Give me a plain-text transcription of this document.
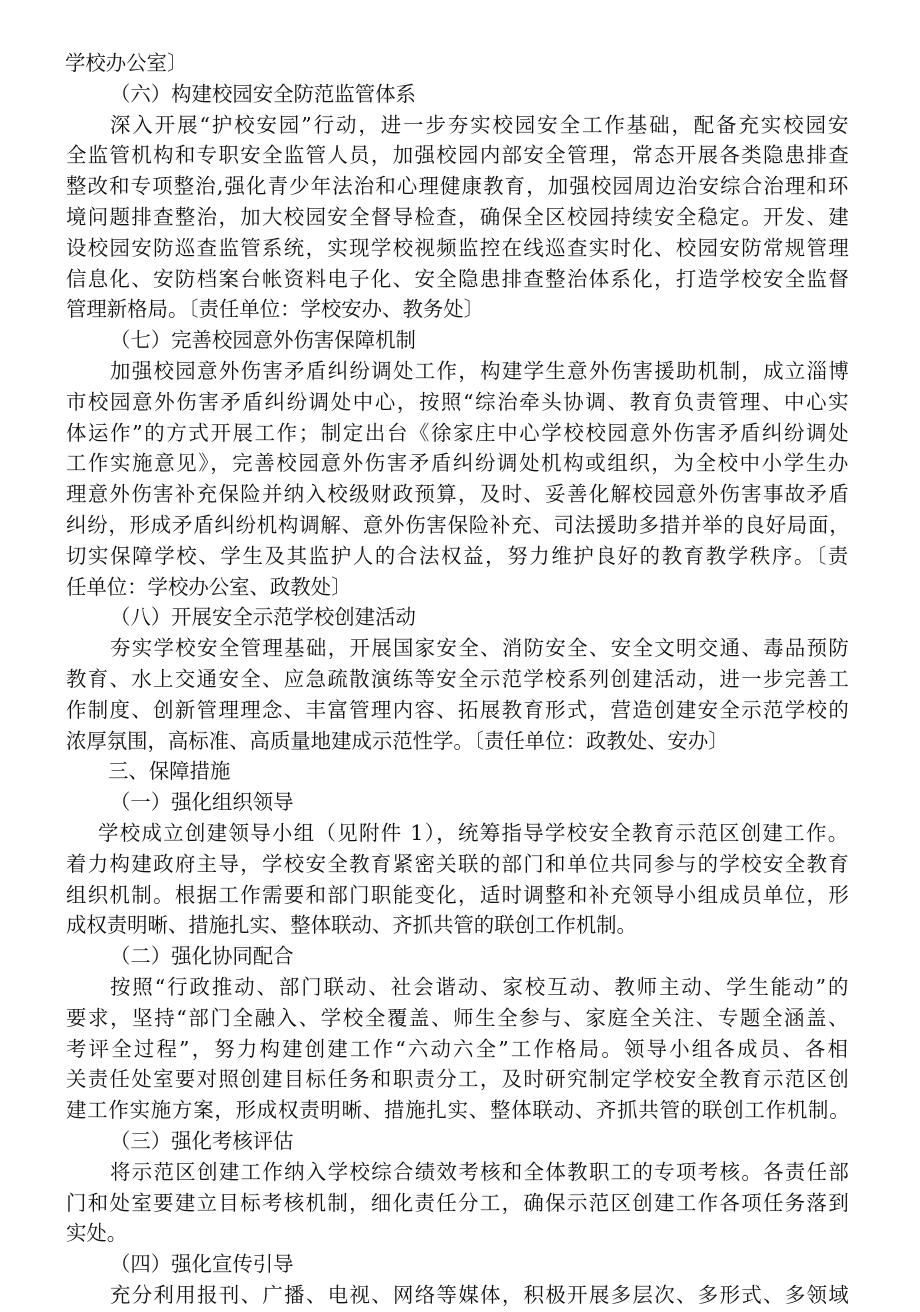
学校办公室〕
（六）构建校园安全防范监管体系
深入开展“护校安园”行动，进一步夯实校园安全工作基础，配备充实校园安
全监管机构和专职安全监管人员，加强校园内部安全管理，常态开展各类隐患排查
整改和专项整治,强化青少年法治和心理健康教育，加强校园周边治安综合治理和环
境问题排查整治，加大校园安全督导检查，确保全区校园持续安全稳定。开发、建
设校园安防巡查监管系统，实现学校视频监控在线巡查实时化、校园安防常规管理
信息化、安防档案台帐资料电子化、安全隐患排查整治体系化，打造学校安全监督
管理新格局。〔责任单位：学校安办、教务处〕
（七）完善校园意外伤害保障机制
加强校园意外伤害矛盾纠纷调处工作，构建学生意外伤害援助机制，成立淄博
市校园意外伤害矛盾纠纷调处中心，按照“综治牵头协调、教育负责管理、中心实
体运作”的方式开展工作；制定出台《徐家庄中心学校校园意外伤害矛盾纠纷调处
工作实施意见》，完善校园意外伤害矛盾纠纷调处机构或组织，为全校中小学生办
理意外伤害补充保险并纳入校级财政预算，及时、妥善化解校园意外伤害事故矛盾
纠纷，形成矛盾纠纷机构调解、意外伤害保险补充、司法援助多措并举的良好局面，
切实保障学校、学生及其监护人的合法权益，努力维护良好的教育教学秩序。〔责
任单位：学校办公室、政教处〕
（八）开展安全示范学校创建活动
夯实学校安全管理基础，开展国家安全、消防安全、安全文明交通、毒品预防
教育、水上交通安全、应急疏散演练等安全示范学校系列创建活动，进一步完善工
作制度、创新管理理念、丰富管理内容、拓展教育形式，营造创建安全示范学校的
浓厚氛围，高标准、高质量地建成示范性学。〔责任单位：政教处、安办〕
三、保障措施
（一）强化组织领导
学校成立创建领导小组（见附件 1），统筹指导学校安全教育示范区创建工作。
着力构建政府主导，学校安全教育紧密关联的部门和单位共同参与的学校安全教育
组织机制。根据工作需要和部门职能变化，适时调整和补充领导小组成员单位，形
成权责明晰、措施扎实、整体联动、齐抓共管的联创工作机制。
（二）强化协同配合
按照“行政推动、部门联动、社会谐动、家校互动、教师主动、学生能动”的
要求，坚持“部门全融入、学校全覆盖、师生全参与、家庭全关注、专题全涵盖、
考评全过程”，努力构建创建工作“六动六全”工作格局。领导小组各成员、各相
关责任处室要对照创建目标任务和职责分工，及时研究制定学校安全教育示范区创
建工作实施方案，形成权责明晰、措施扎实、整体联动、齐抓共管的联创工作机制。
（三）强化考核评估
将示范区创建工作纳入学校综合绩效考核和全体教职工的专项考核。各责任部
门和处室要建立目标考核机制，细化责任分工，确保示范区创建工作各项任务落到
实处。
（四）强化宣传引导
充分利用报刊、广播、电视、网络等媒体，积极开展多层次、多形式、多领域
